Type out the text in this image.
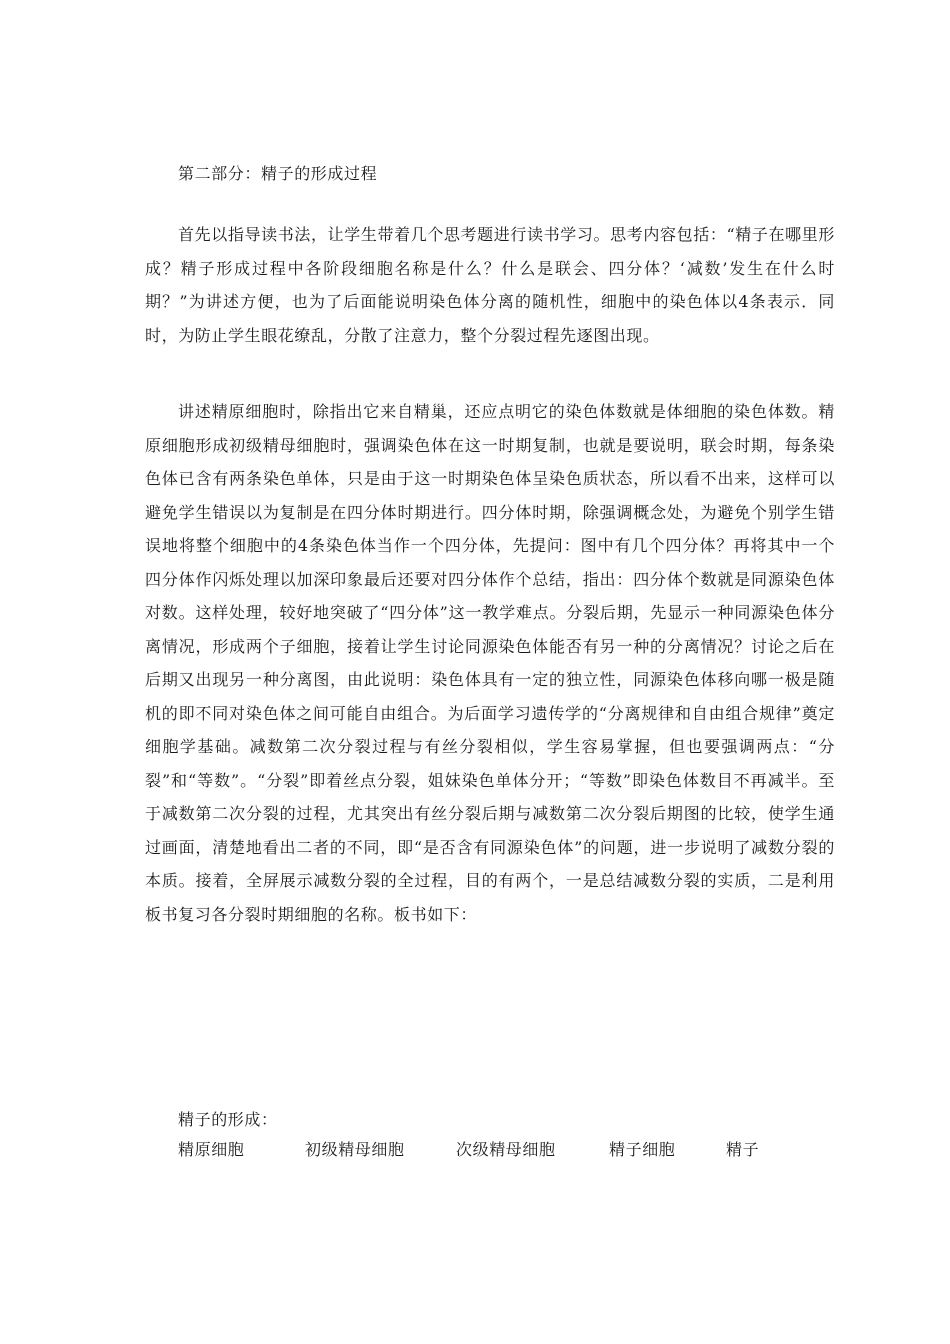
第二部分：精子的形成过程
首先以指导读书法，让学生带着几个思考题进行读书学习。思考内容包括：“精子在哪里形成？精子形成过程中各阶段细胞名称是什么？什么是联会、四分体？‘减数’发生在什么时期？”为讲述方便，也为了后面能说明染色体分离的随机性，细胞中的染色体以4条表示．同时，为防止学生眼花缭乱，分散了注意力，整个分裂过程先逐图出现。
讲述精原细胞时，除指出它来自精巢，还应点明它的染色体数就是体细胞的染色体数。精原细胞形成初级精母细胞时，强调染色体在这一时期复制，也就是要说明，联会时期，每条染色体已含有两条染色单体，只是由于这一时期染色体呈染色质状态，所以看不出来，这样可以避免学生错误以为复制是在四分体时期进行。四分体时期，除强调概念处，为避免个别学生错误地将整个细胞中的4条染色体当作一个四分体，先提问：图中有几个四分体？再将其中一个四分体作闪烁处理以加深印象最后还要对四分体作个总结，指出：四分体个数就是同源染色体对数。这样处理，较好地突破了“四分体”这一教学难点。分裂后期，先显示一种同源染色体分离情况，形成两个子细胞，接着让学生讨论同源染色体能否有另一种的分离情况？讨论之后在后期又出现另一种分离图，由此说明：染色体具有一定的独立性，同源染色体移向哪一极是随机的即不同对染色体之间可能自由组合。为后面学习遗传学的“分离规律和自由组合规律”奠定细胞学基础。减数第二次分裂过程与有丝分裂相似，学生容易掌握，但也要强调两点：“分裂”和“等数”。“分裂”即着丝点分裂，姐妹染色单体分开；“等数”即染色体数目不再减半。至于减数第二次分裂的过程，尤其突出有丝分裂后期与减数第二次分裂后期图的比较，使学生通过画面，清楚地看出二者的不同，即“是否含有同源染色体”的问题，进一步说明了减数分裂的本质。接着，全屏展示减数分裂的全过程，目的有两个，一是总结减数分裂的实质，二是利用板书复习各分裂时期细胞的名称。板书如下：
精子的形成：
精原细胞	初级精母细胞	次级精母细胞	精子细胞	精子
